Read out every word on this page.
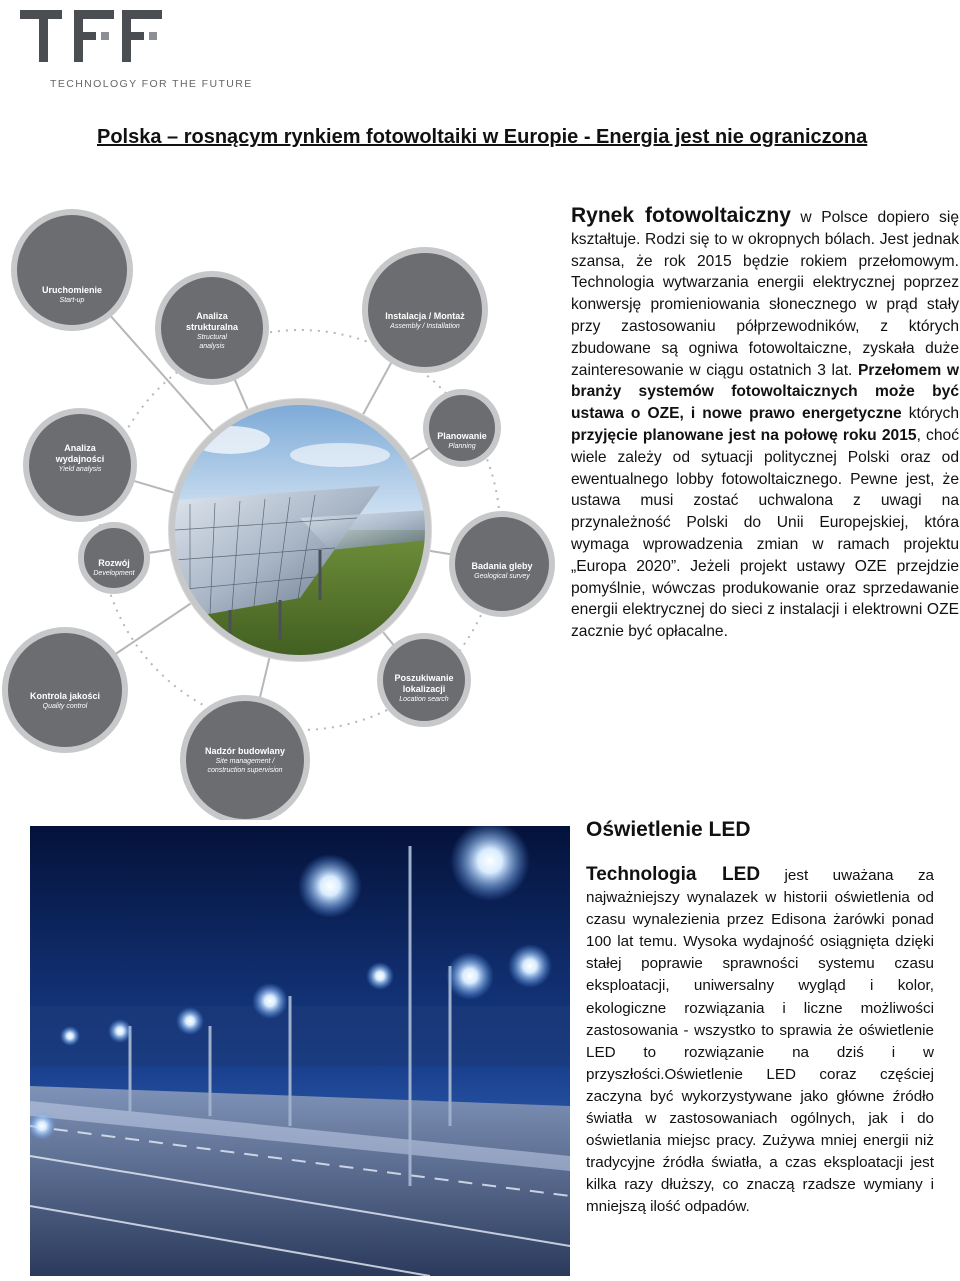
TECHNOLOGY FOR THE FUTURE
Polska – rosnącym rynkiem fotowoltaiki w Europie - Energia jest nie ograniczona

Uruchomienie

Start-up

Analiza
strukturalna

Structural
analysis

Instalacja / Montaż

Assembly / Installation

Analiza
wydajności

Yield analysis

Planowanie

Planning

Rozwój

Development

Badania gleby

Geological survey

Kontrola jakości

Quality control

Poszukiwanie
lokalizacji

Location search

Nadzór budowlany

Site management /
construction supervision

Rynek fotowoltaiczny w Polsce dopiero się kształtuje. Rodzi się to w okropnych bólach. Jest jednak szansa, że rok 2015 będzie rokiem przełomowym. Technologia wytwarzania energii elektrycznej poprzez konwersję promieniowania słonecznego w prąd stały przy zastosowaniu półprzewodników, z których zbudowane są ogniwa fotowoltaiczne, zyskała duże zainteresowanie w ciągu ostatnich 3 lat. Przełomem w branży systemów fotowoltaicznych może być ustawa o OZE, i nowe prawo energetyczne których przyjęcie planowane jest na połowę roku 2015, choć wiele zależy od sytuacji politycznej Polski oraz od ewentualnego lobby fotowoltaicznego. Pewne jest, że ustawa musi zostać uchwalona z uwagi na przynależność Polski do Unii Europejskiej, która wymaga wprowadzenia zmian w ramach projektu „Europa 2020”. Jeżeli projekt ustawy OZE przejdzie pomyślnie, wówczas produkowanie oraz sprzedawanie energii elektrycznej do sieci z instalacji i elektrowni OZE zacznie być opłacalne.
Oświetlenie LED
Technologia LED jest uważana za najważniejszy wynalazek w historii oświetlenia od czasu wynalezienia przez Edisona żarówki ponad 100 lat temu. Wysoka wydajność osiągnięta dzięki stałej poprawie sprawności systemu czasu eksploatacji, uniwersalny wygląd i kolor, ekologiczne rozwiązania i liczne możliwości zastosowania - wszystko to sprawia że oświetlenie LED to rozwiązanie na dziś i w przyszłości.Oświetlenie LED coraz częściej zaczyna być wykorzystywane jako główne źródło światła w zastosowaniach ogólnych, jak i do oświetlania miejsc pracy. Zużywa mniej energii niż tradycyjne źródła światła, a czas eksploatacji jest kilka razy dłuższy, co znaczą rzadsze wymiany i mniejszą ilość odpadów.
